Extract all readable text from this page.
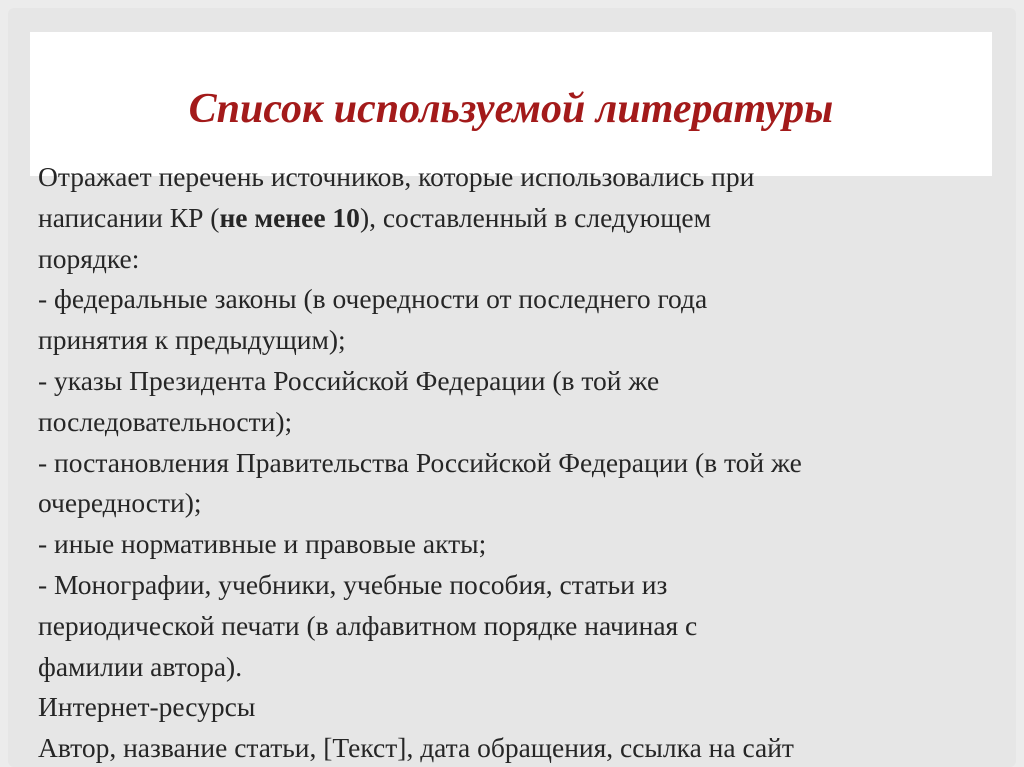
Список используемой литературы
Отражает перечень источников, которые использовались при
написании КР (не менее 10), составленный в следующем
порядке:
- федеральные законы (в очередности от последнего года
принятия к предыдущим);
- указы Президента Российской Федерации (в той же
последовательности);
- постановления Правительства Российской Федерации (в той же
очередности);
- иные нормативные и правовые акты;
- Монографии, учебники, учебные пособия, статьи из
периодической печати (в алфавитном порядке начиная с
фамилии автора).
Интернет-ресурсы
Автор, название статьи, [Текст], дата обращения, ссылка на сайт
